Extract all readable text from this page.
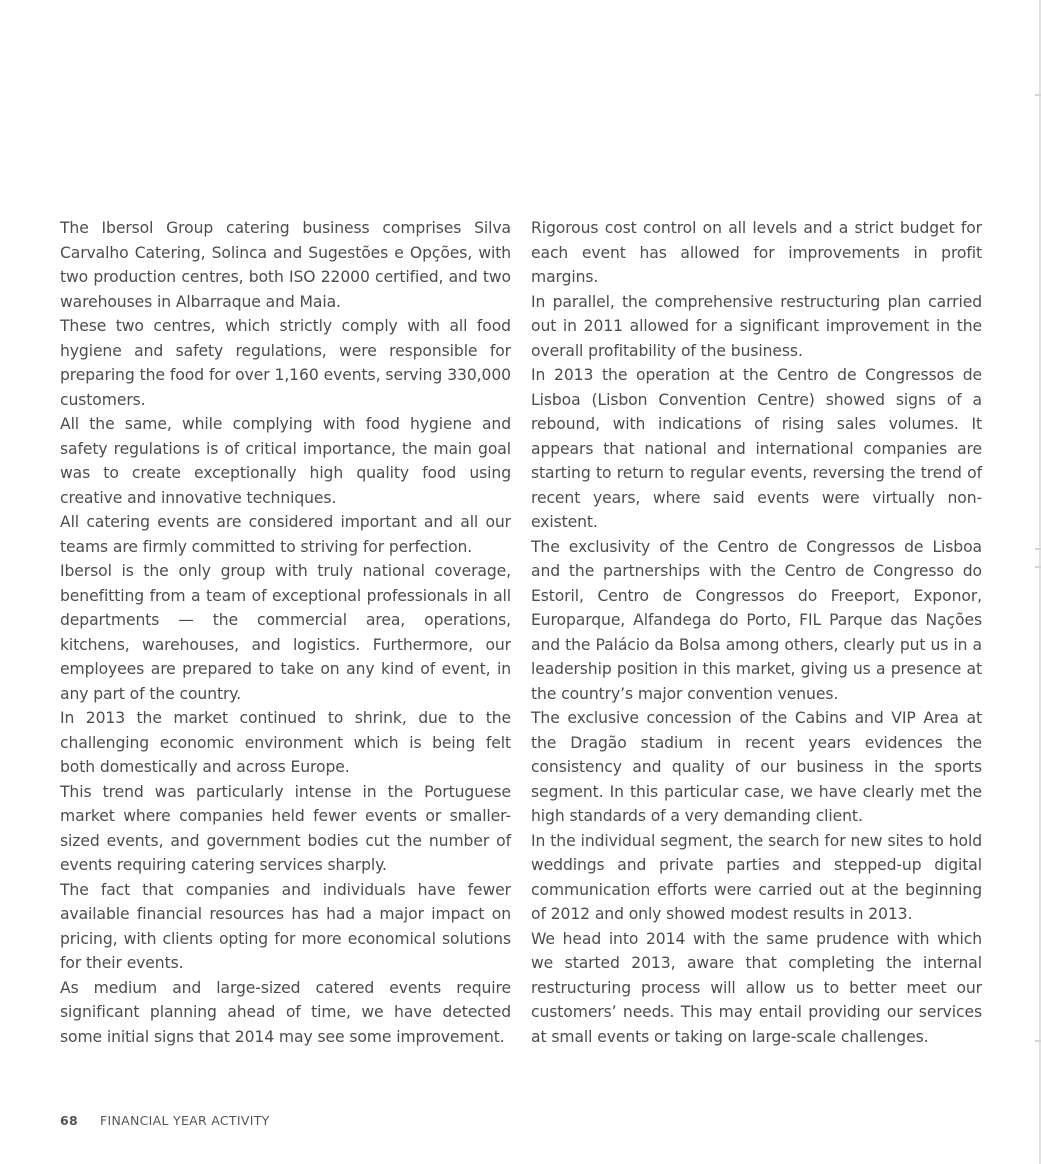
The Ibersol Group catering business comprises Silva Carvalho Catering, Solinca and Sugestões e Opções, with two production centres, both ISO 22000 certified, and two warehouses in Albarraque and Maia.

These two centres, which strictly comply with all food hygiene and safety regulations, were responsible for preparing the food for over 1,160 events, serving 330,000 customers.

All the same, while complying with food hygiene and safety regulations is of critical importance, the main goal was to create exceptionally high quality food using creative and innovative techniques.

All catering events are considered important and all our teams are firmly committed to striving for perfection.

Ibersol is the only group with truly national coverage, benefitting from a team of exceptional professionals in all departments — the commercial area, operations, kitchens, warehouses, and logistics. Furthermore, our employees are prepared to take on any kind of event, in any part of the country.

In 2013 the market continued to shrink, due to the challenging economic environment which is being felt both domestically and across Europe.

This trend was particularly intense in the Portuguese market where companies held fewer events or smaller-sized events, and government bodies cut the number of events requiring catering services sharply.

The fact that companies and individuals have fewer available financial resources has had a major impact on pricing, with clients opting for more economical solutions for their events.

As medium and large-sized catered events require significant planning ahead of time, we have detected some initial signs that 2014 may see some improvement.

Rigorous cost control on all levels and a strict budget for each event has allowed for improvements in profit margins.

In parallel, the comprehensive restructuring plan carried out in 2011 allowed for a significant improvement in the overall profitability of the business.

In 2013 the operation at the Centro de Congressos de Lisboa (Lisbon Convention Centre) showed signs of a rebound, with indications of rising sales volumes. It appears that national and international companies are starting to return to regular events, reversing the trend of recent years, where said events were virtually non-existent.

The exclusivity of the Centro de Congressos de Lisboa and the partnerships with the Centro de Congresso do Estoril, Centro de Congressos do Freeport, Exponor, Europarque, Alfandega do Porto, FIL Parque das Nações and the Palácio da Bolsa among others, clearly put us in a leadership position in this market, giving us a presence at the country’s major convention venues.

The exclusive concession of the Cabins and VIP Area at the Dragão stadium in recent years evidences the consistency and quality of our business in the sports segment. In this particular case, we have clearly met the high standards of a very demanding client.

In the individual segment, the search for new sites to hold weddings and private parties and stepped-up digital communication efforts were carried out at the beginning of 2012 and only showed modest results in 2013.

We head into 2014 with the same prudence with which we started 2013, aware that completing the internal restructuring process will allow us to better meet our customers’ needs. This may entail providing our services at small events or taking on large-scale challenges.

68 FINANCIAL YEAR ACTIVITY
